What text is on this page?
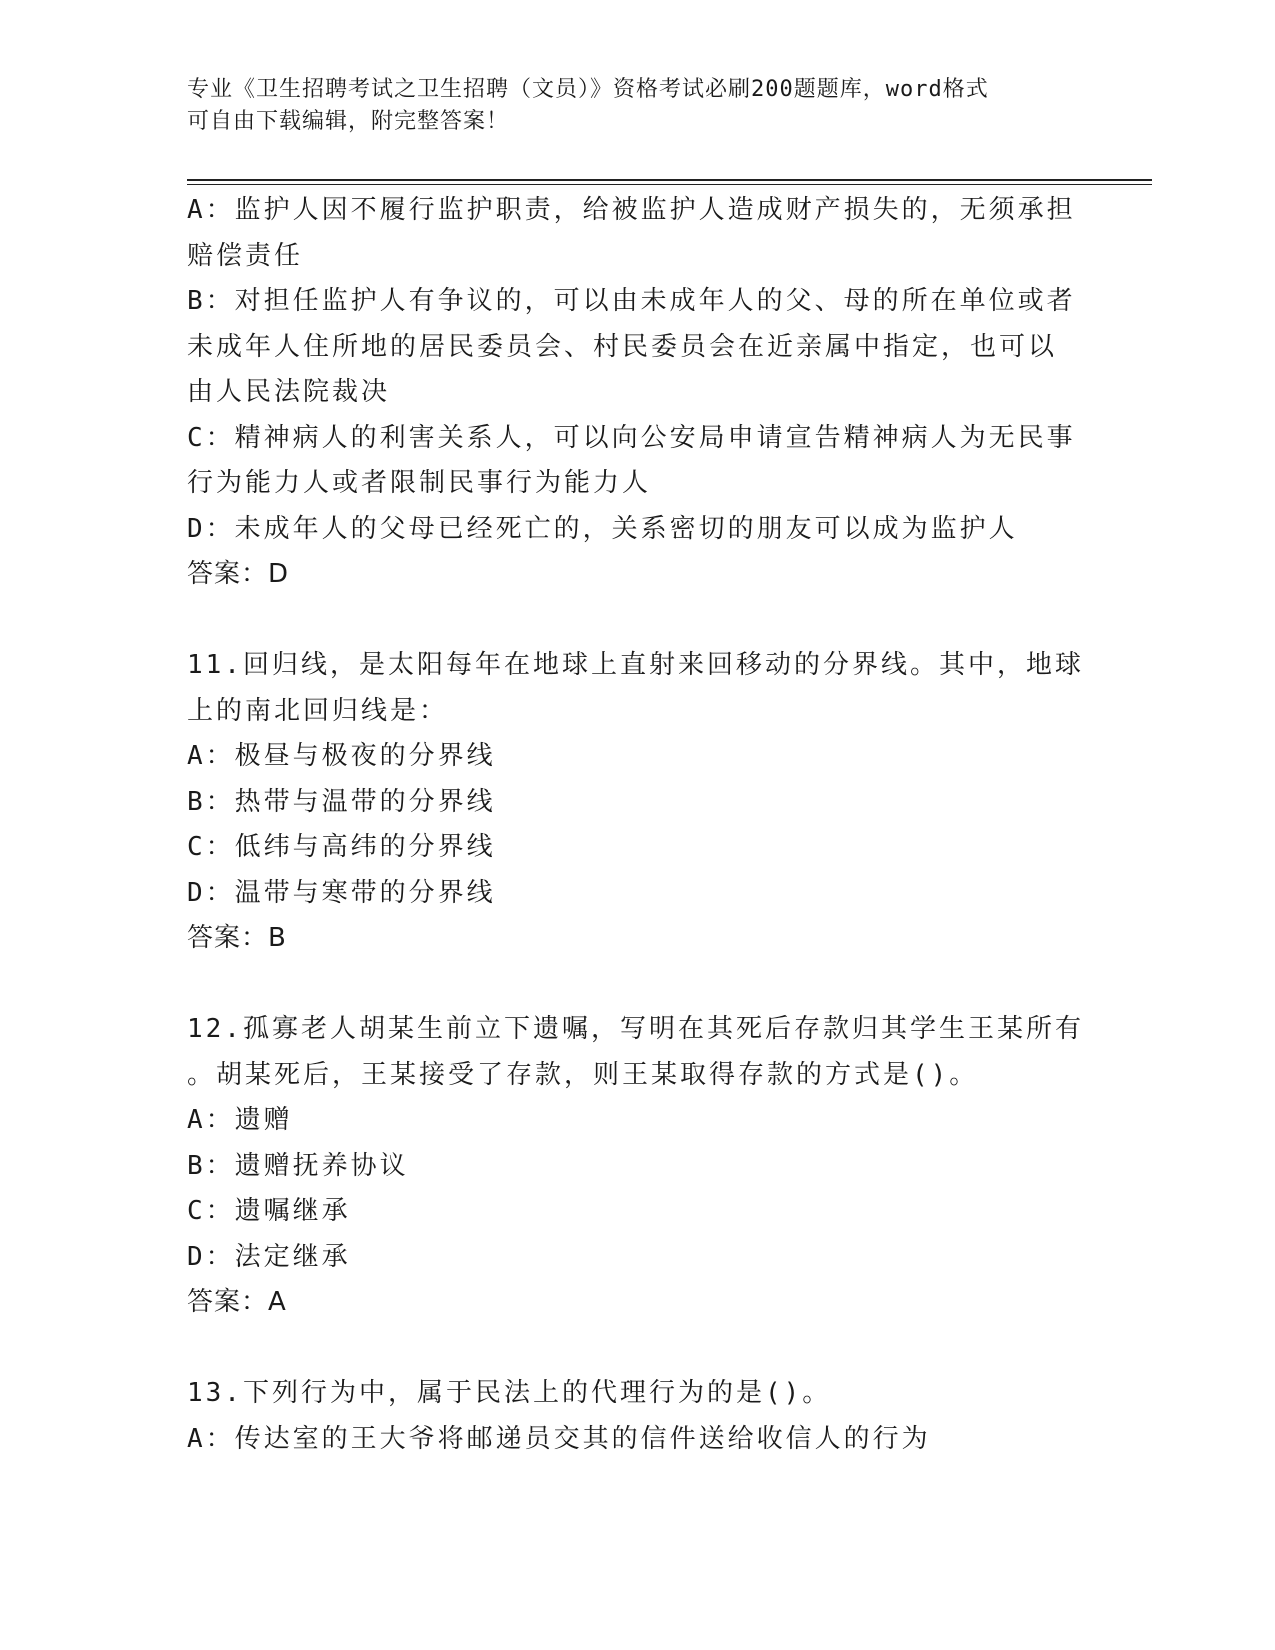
专业《卫生招聘考试之卫生招聘（文员）》资格考试必刷200题题库，word格式
可自由下载编辑，附完整答案！
A：监护人因不履行监护职责，给被监护人造成财产损失的，无须承担
赔偿责任
B：对担任监护人有争议的，可以由未成年人的父、母的所在单位或者
未成年人住所地的居民委员会、村民委员会在近亲属中指定，也可以
由人民法院裁决
C：精神病人的利害关系人，可以向公安局申请宣告精神病人为无民事
行为能力人或者限制民事行为能力人
D：未成年人的父母已经死亡的，关系密切的朋友可以成为监护人
答案：D
11.回归线，是太阳每年在地球上直射来回移动的分界线。其中，地球
上的南北回归线是：
A：极昼与极夜的分界线
B：热带与温带的分界线
C：低纬与高纬的分界线
D：温带与寒带的分界线
答案：B
12.孤寡老人胡某生前立下遗嘱，写明在其死后存款归其学生王某所有
。胡某死后，王某接受了存款，则王某取得存款的方式是()。
A：遗赠
B：遗赠抚养协议
C：遗嘱继承
D：法定继承
答案：A
13.下列行为中，属于民法上的代理行为的是()。
A：传达室的王大爷将邮递员交其的信件送给收信人的行为
